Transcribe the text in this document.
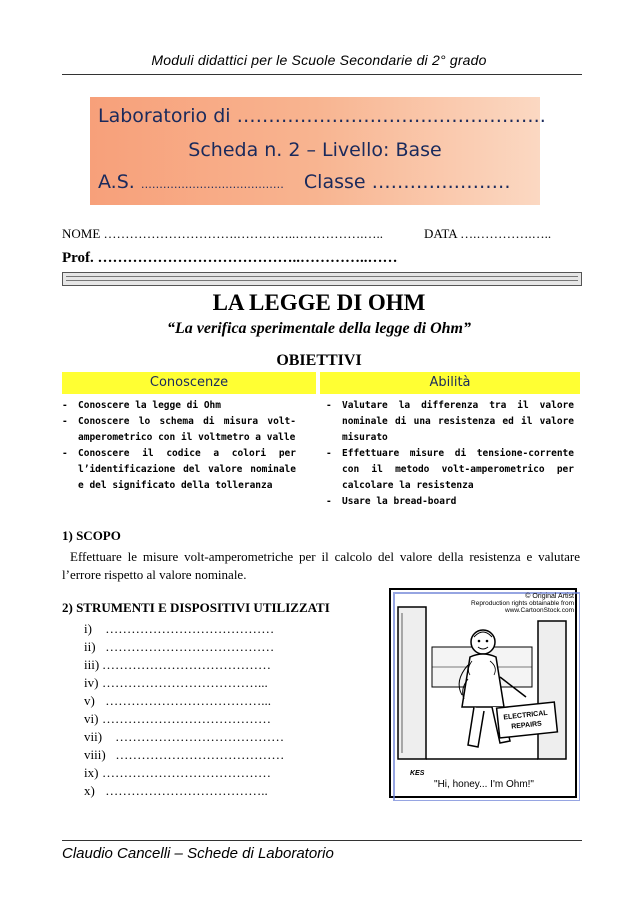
Moduli didattici per le Scuole Secondarie di 2° grado
Laboratorio di …………………………..……………..
Scheda n. 2 – Livello: Base
A.S. ………………………………… Classe ………….………
NOME ………………………….…………..…………….…..	DATA ….………….…..
Prof. …………………………………..…………..……
LA LEGGE DI OHM
“La verifica sperimentale della legge di Ohm”
OBIETTIVI
Conoscenze	Abilità
- Conoscere la legge di Ohm
- Conoscere lo schema di misura volt-amperometrico con il voltmetro a valle
- Conoscere il codice a colori per l’identificazione del valore nominale e del significato della tolleranza
- Valutare la differenza tra il valore nominale di una resistenza ed il valore misurato
- Effettuare misure di tensione-corrente con il metodo volt-amperometrico per calcolare la resistenza
- Usare la bread-board
1) SCOPO
Effettuare le misure volt-amperometriche per il calcolo del valore della resistenza e valutare l’errore rispetto al valore nominale.
2) STRUMENTI E DISPOSITIVI UTILIZZATI
i) …………………………………
ii) …………………………………
iii) …………………………………
iv) ………………………………...
v) ………………………………...
vi) …………………………………
vii)    …………………………………
viii)   …………………………………
ix) …………………………………
x) ………………………………..
© Original Artist
Reproduction rights obtainable from
www.CartoonStock.com
ELECTRICAL
REPAIRS
KES
"Hi, honey... I'm Ohm!"
Claudio Cancelli – Schede di Laboratorio
